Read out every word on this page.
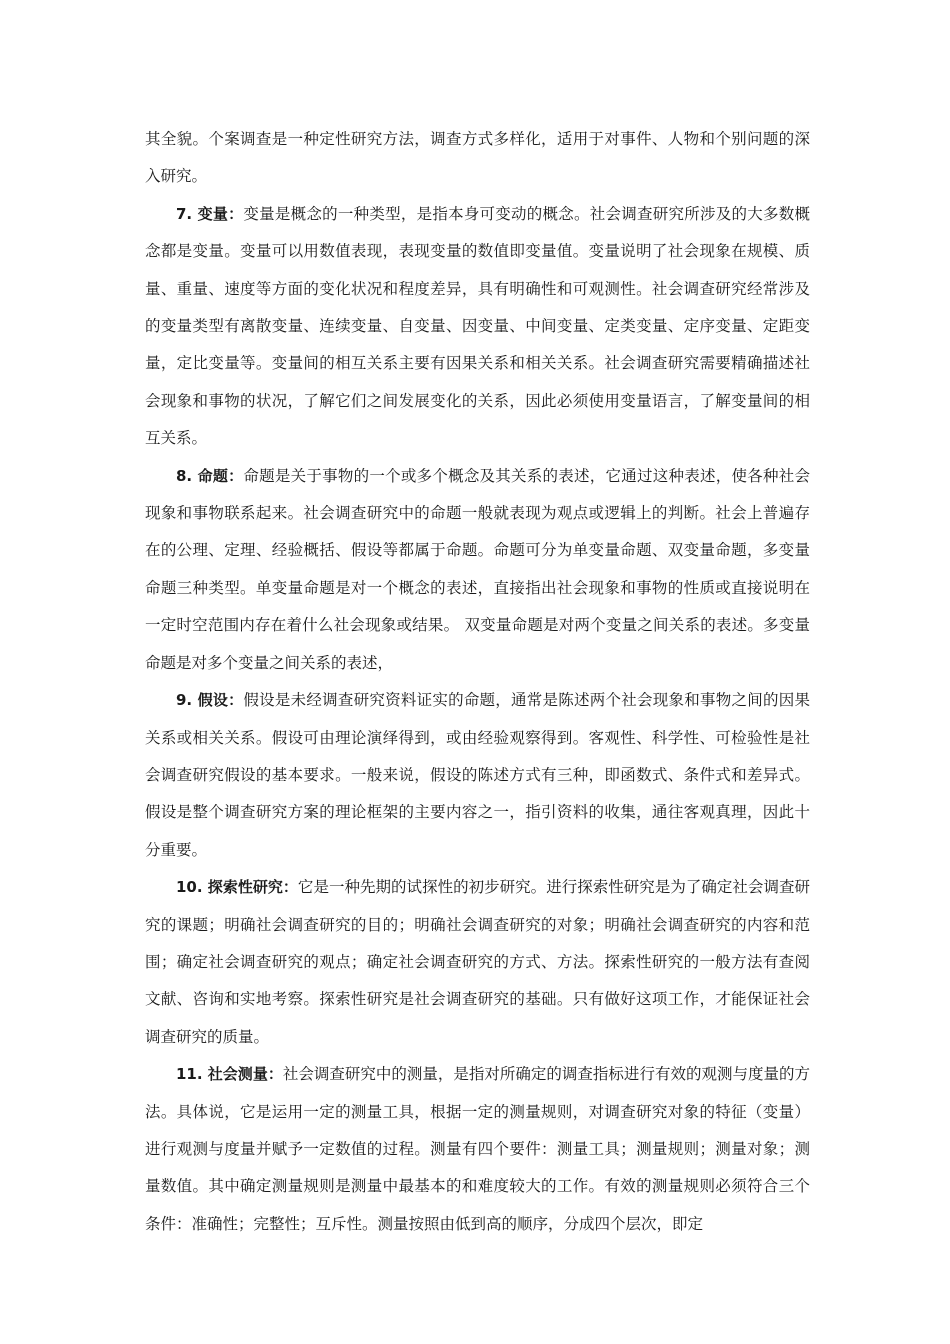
其全貌。个案调查是一种定性研究方法，调查方式多样化，适用于对事件、人物和个别问题的深入研究。

7. 变量：变量是概念的一种类型，是指本身可变动的概念。社会调查研究所涉及的大多数概念都是变量。变量可以用数值表现，表现变量的数值即变量值。变量说明了社会现象在规模、质量、重量、速度等方面的变化状况和程度差异，具有明确性和可观测性。社会调查研究经常涉及的变量类型有离散变量、连续变量、自变量、因变量、中间变量、定类变量、定序变量、定距变量，定比变量等。变量间的相互关系主要有因果关系和相关关系。社会调查研究需要精确描述社会现象和事物的状况，了解它们之间发展变化的关系，因此必须使用变量语言，了解变量间的相互关系。

8. 命题：命题是关于事物的一个或多个概念及其关系的表述，它通过这种表述，使各种社会现象和事物联系起来。社会调查研究中的命题一般就表现为观点或逻辑上的判断。社会上普遍存在的公理、定理、经验概括、假设等都属于命题。命题可分为单变量命题、双变量命题，多变量命题三种类型。单变量命题是对一个概念的表述，直接指出社会现象和事物的性质或直接说明在一定时空范围内存在着什么社会现象或结果。 双变量命题是对两个变量之间关系的表述。多变量命题是对多个变量之间关系的表述，

9. 假设：假设是未经调查研究资料证实的命题，通常是陈述两个社会现象和事物之间的因果关系或相关关系。假设可由理论演绎得到，或由经验观察得到。客观性、科学性、可检验性是社会调查研究假设的基本要求。一般来说，假设的陈述方式有三种，即函数式、条件式和差异式。假设是整个调查研究方案的理论框架的主要内容之一，指引资料的收集，通往客观真理，因此十分重要。

10. 探索性研究：它是一种先期的试探性的初步研究。进行探索性研究是为了确定社会调查研究的课题；明确社会调查研究的目的；明确社会调查研究的对象；明确社会调查研究的内容和范围；确定社会调查研究的观点；确定社会调查研究的方式、方法。探索性研究的一般方法有查阅文献、咨询和实地考察。探索性研究是社会调查研究的基础。只有做好这项工作，才能保证社会调查研究的质量。

11. 社会测量：社会调查研究中的测量，是指对所确定的调查指标进行有效的观测与度量的方法。具体说，它是运用一定的测量工具，根据一定的测量规则，对调查研究对象的特征（变量）进行观测与度量并赋予一定数值的过程。测量有四个要件：测量工具；测量规则；测量对象；测量数值。其中确定测量规则是测量中最基本的和难度较大的工作。有效的测量规则必须符合三个条件：准确性；完整性；互斥性。测量按照由低到高的顺序，分成四个层次，即定
